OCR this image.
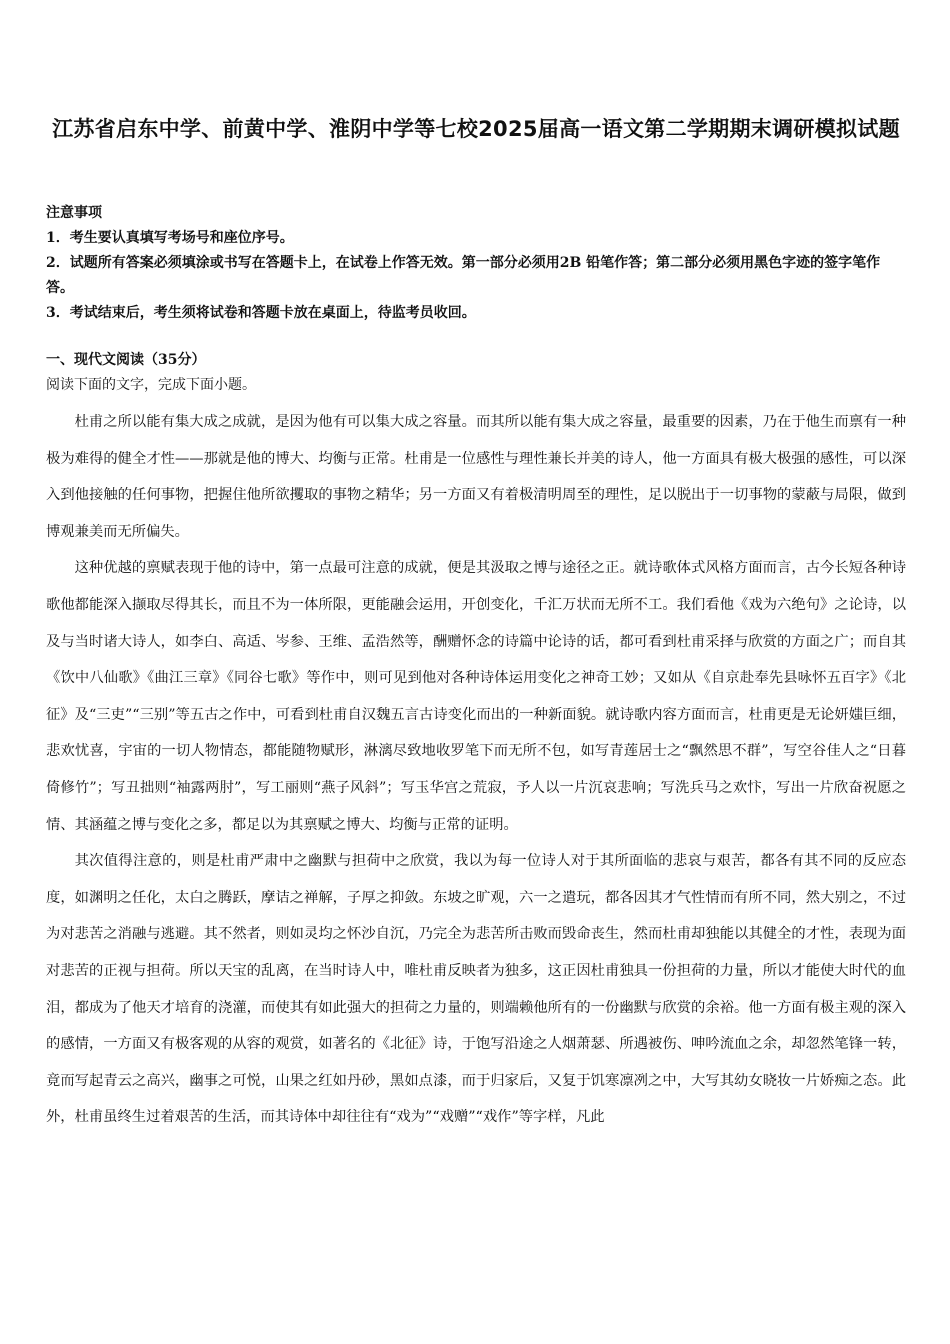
江苏省启东中学、前黄中学、淮阴中学等七校2025届高一语文第二学期期末调研模拟试题

注意事项

1．考生要认真填写考场号和座位序号。

2．试题所有答案必须填涂或书写在答题卡上，在试卷上作答无效。第一部分必须用2B 铅笔作答；第二部分必须用黑色字迹的签字笔作答。

3．考试结束后，考生须将试卷和答题卡放在桌面上，待监考员收回。

一、现代文阅读（35分）

阅读下面的文字，完成下面小题。

杜甫之所以能有集大成之成就，是因为他有可以集大成之容量。而其所以能有集大成之容量，最重要的因素，乃在于他生而禀有一种极为难得的健全才性——那就是他的博大、均衡与正常。杜甫是一位感性与理性兼长并美的诗人，他一方面具有极大极强的感性，可以深入到他接触的任何事物，把握住他所欲攫取的事物之精华；另一方面又有着极清明周至的理性，足以脱出于一切事物的蒙蔽与局限，做到博观兼美而无所偏失。

这种优越的禀赋表现于他的诗中，第一点最可注意的成就，便是其汲取之博与途径之正。就诗歌体式风格方面而言，古今长短各种诗歌他都能深入撷取尽得其长，而且不为一体所限，更能融会运用，开创变化，千汇万状而无所不工。我们看他《戏为六绝句》之论诗，以及与当时诸大诗人，如李白、高适、岑参、王维、孟浩然等，酬赠怀念的诗篇中论诗的话，都可看到杜甫采择与欣赏的方面之广；而自其《饮中八仙歌》《曲江三章》《同谷七歌》等作中，则可见到他对各种诗体运用变化之神奇工妙；又如从《自京赴奉先县咏怀五百字》《北征》及“三吏”“三别”等五古之作中，可看到杜甫自汉魏五言古诗变化而出的一种新面貌。就诗歌内容方面而言，杜甫更是无论妍媸巨细，悲欢忧喜，宇宙的一切人物情态，都能随物赋形，淋漓尽致地收罗笔下而无所不包，如写青莲居士之“飘然思不群”，写空谷佳人之“日暮倚修竹”；写丑拙则“袖露两肘”，写工丽则“燕子风斜”；写玉华宫之荒寂，予人以一片沉哀悲响；写洗兵马之欢忭，写出一片欣奋祝愿之情、其涵蕴之博与变化之多，都足以为其禀赋之博大、均衡与正常的证明。

其次值得注意的，则是杜甫严肃中之幽默与担荷中之欣赏，我以为每一位诗人对于其所面临的悲哀与艰苦，都各有其不同的反应态度，如渊明之任化，太白之腾跃，摩诘之禅解，子厚之抑敛。东坡之旷观，六一之遣玩，都各因其才气性情而有所不同，然大别之，不过为对悲苦之消融与逃避。其不然者，则如灵均之怀沙自沉，乃完全为悲苦所击败而毁命丧生，然而杜甫却独能以其健全的才性，表现为面对悲苦的正视与担荷。所以天宝的乱离，在当时诗人中，唯杜甫反映者为独多，这正因杜甫独具一份担荷的力量，所以才能使大时代的血泪，都成为了他天才培育的浇灌，而使其有如此强大的担荷之力量的，则端赖他所有的一份幽默与欣赏的余裕。他一方面有极主观的深入的感情，一方面又有极客观的从容的观赏，如著名的《北征》诗，于饱写沿途之人烟萧瑟、所遇被伤、呻吟流血之余，却忽然笔锋一转，竟而写起青云之高兴，幽事之可悦，山果之红如丹砂，黑如点漆，而于归家后，又复于饥寒凛冽之中，大写其幼女晓妆一片娇痴之态。此外，杜甫虽终生过着艰苦的生活，而其诗体中却往往有“戏为”“戏赠”“戏作”等字样，凡此
